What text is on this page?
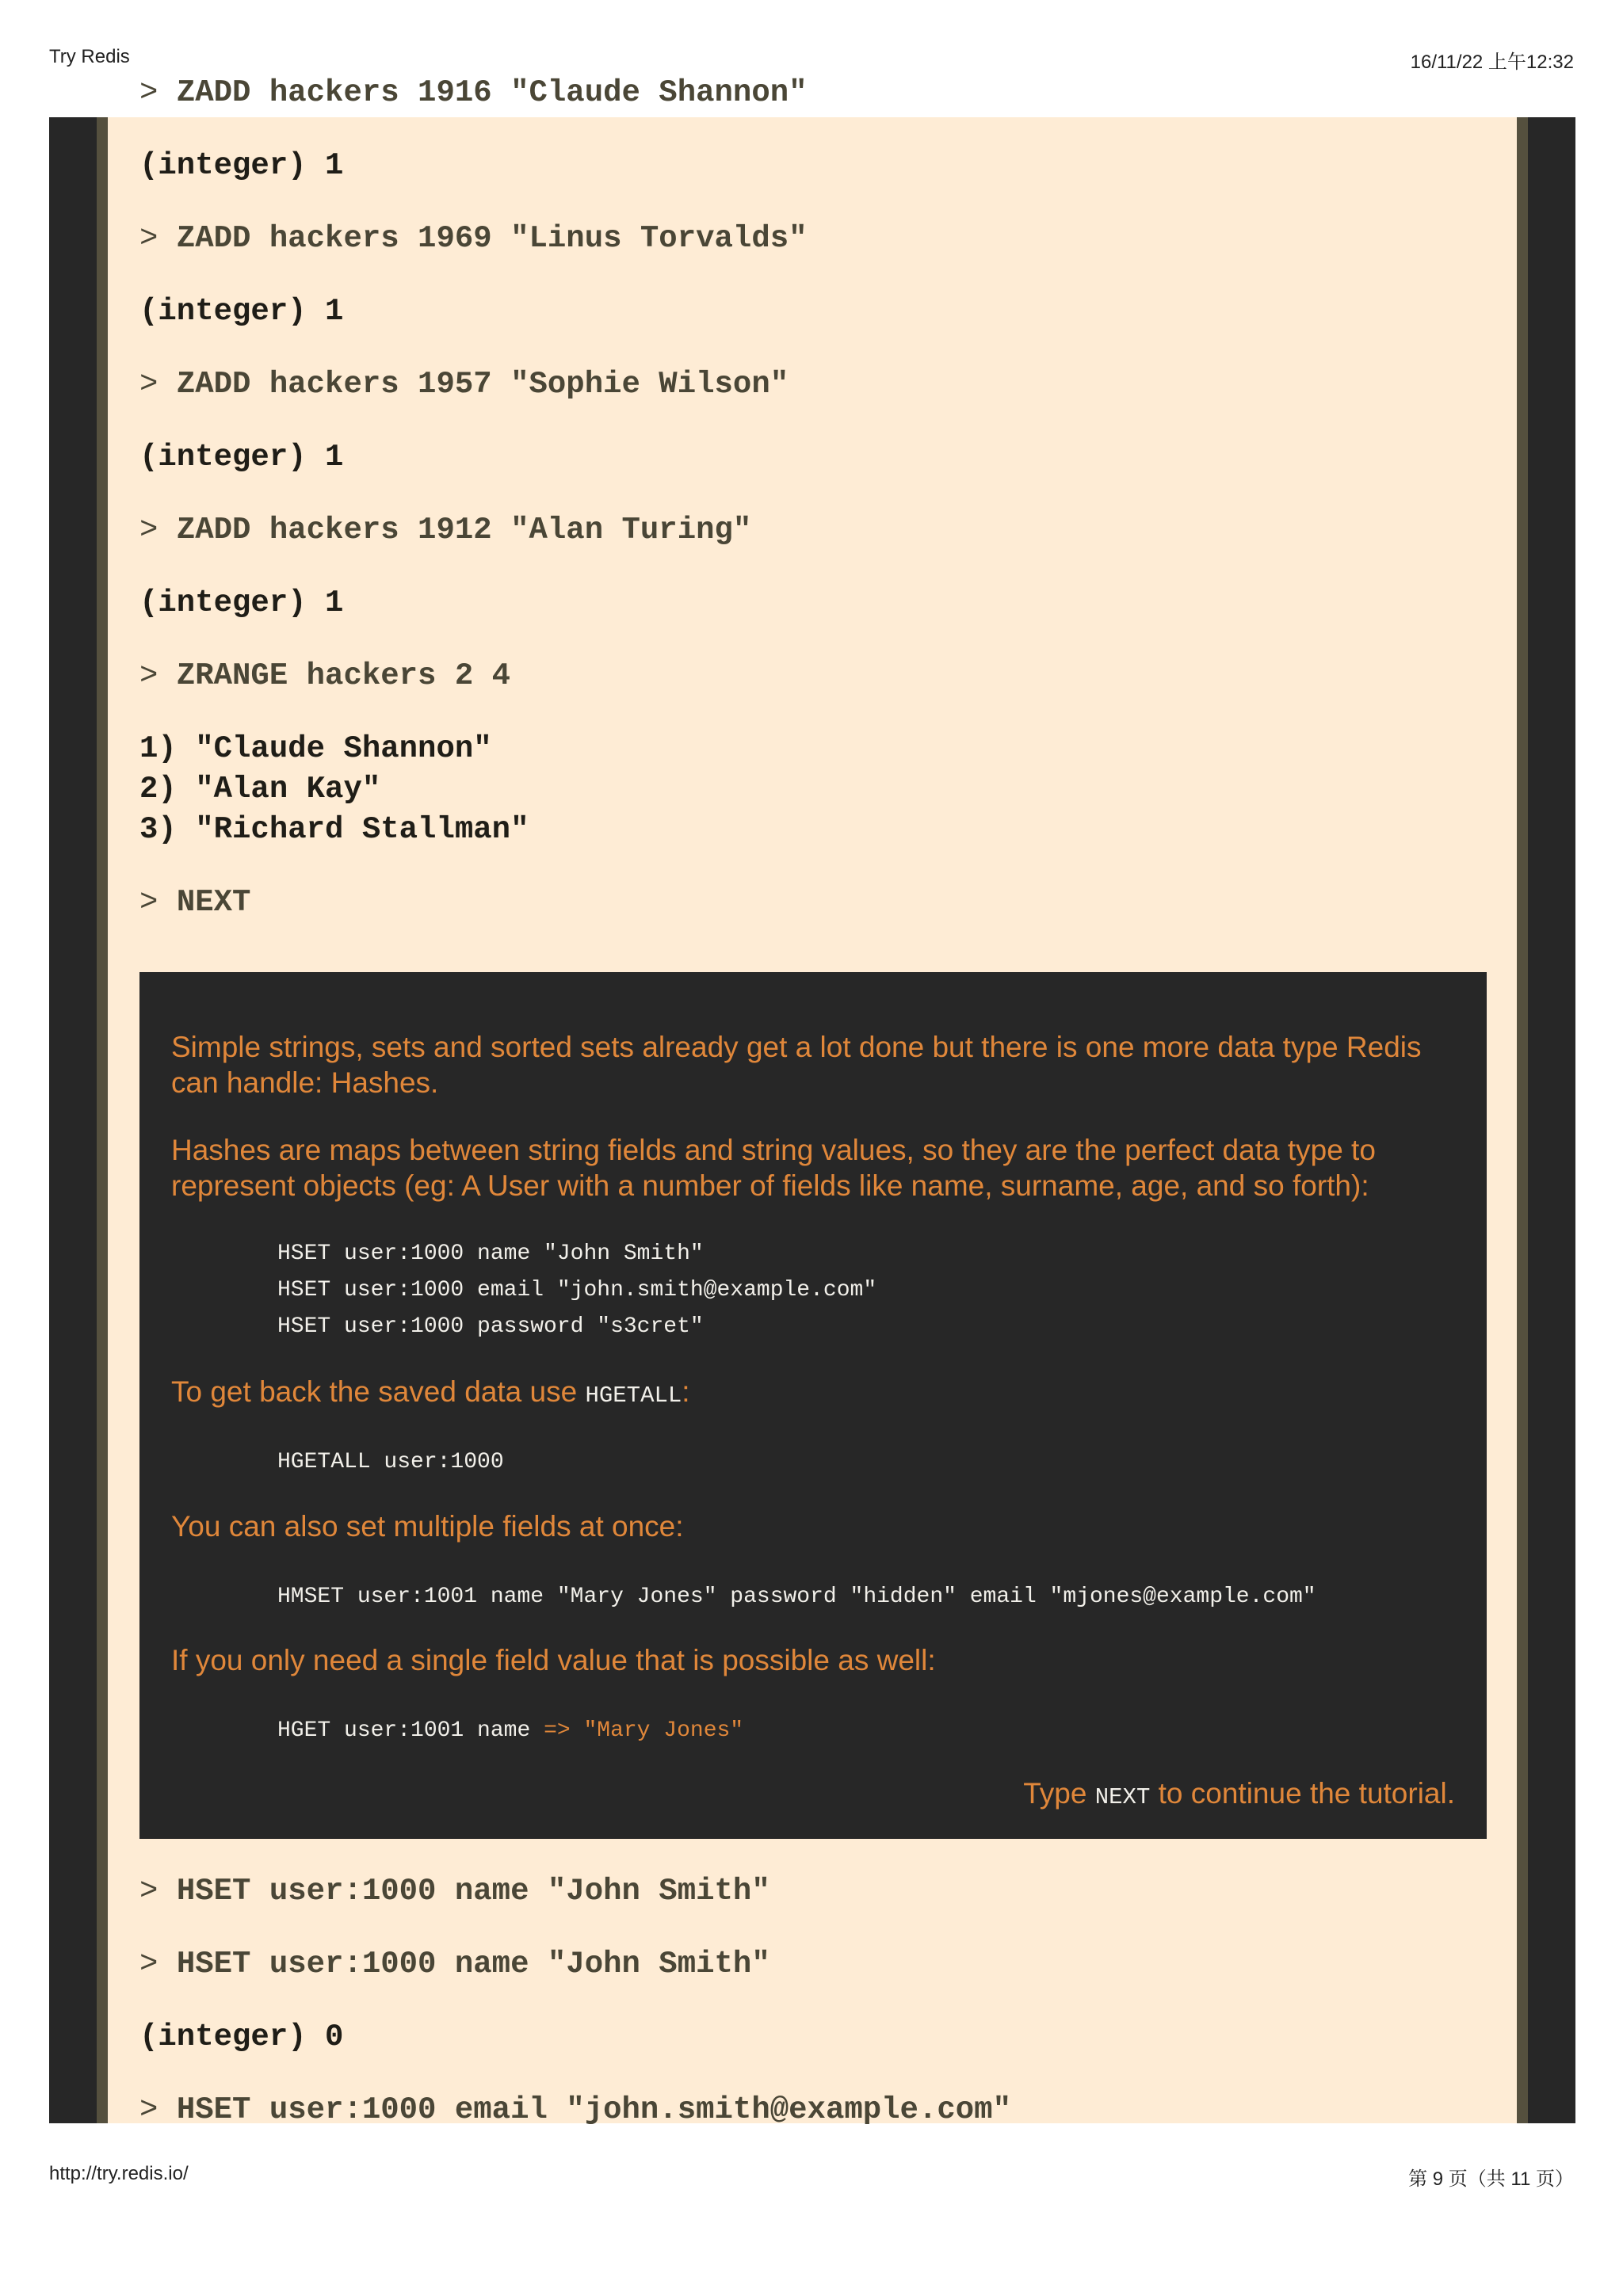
Try Redis	16/11/22 上午12:32

> ZADD hackers 1916 "Claude Shannon"

(integer) 1

> ZADD hackers 1969 "Linus Torvalds"

(integer) 1

> ZADD hackers 1957 "Sophie Wilson"

(integer) 1

> ZADD hackers 1912 "Alan Turing"

(integer) 1

> ZRANGE hackers 2 4

1) "Claude Shannon"

2) "Alan Kay"

3) "Richard Stallman"

> NEXT

Simple strings, sets and sorted sets already get a lot done but there is one more data type Redis can handle: Hashes.

Hashes are maps between string fields and string values, so they are the perfect data type to represent objects (eg: A User with a number of fields like name, surname, age, and so forth):

HSET user:1000 name "John Smith"

HSET user:1000 email "john.smith@example.com"

HSET user:1000 password "s3cret"

To get back the saved data use HGETALL:

HGETALL user:1000

You can also set multiple fields at once:

HMSET user:1001 name "Mary Jones" password "hidden" email "mjones@example.com"

If you only need a single field value that is possible as well:

HGET user:1001 name => "Mary Jones"

Type NEXT to continue the tutorial.

> HSET user:1000 name "John Smith"

> HSET user:1000 name "John Smith"

(integer) 0

> HSET user:1000 email "john.smith@example.com"

http://try.redis.io/	第 9 页（共 11 页）
